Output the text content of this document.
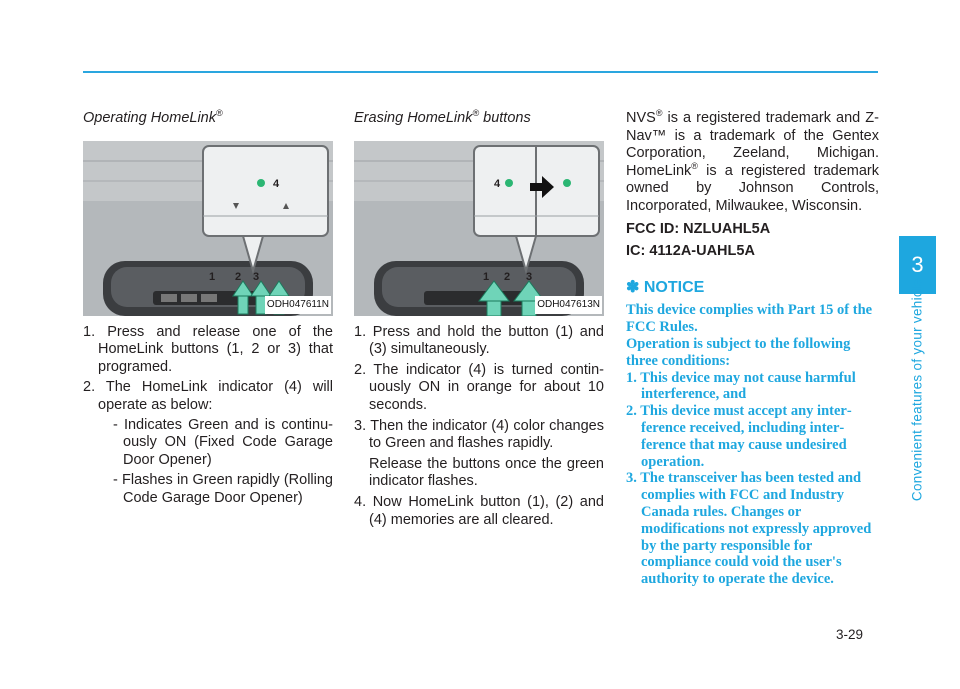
3
Convenient features of your vehicle
Operating HomeLink®
4
1 2 3
ODH047611N
1. Press and release one of the HomeLink buttons (1, 2 or 3) that programed.
2. The HomeLink indicator (4) will operate as below:
- Indicates Green and is continuously ON (Fixed Code Garage Door Opener)
- Flashes in Green rapidly (Rolling Code Garage Door Opener)
Erasing HomeLink® buttons
4
1 2 3
ODH047613N
1. Press and hold the button (1) and (3) simultaneously.
2. The indicator (4) is turned continuously ON in orange for about 10 seconds.
3. Then the indicator (4) color changes to Green and flashes rapidly.
Release the buttons once the green indicator flashes.
4. Now HomeLink button (1), (2) and (4) memories are all cleared.

NVS® is a registered trademark and Z-Nav™ is a trademark of the Gentex Corporation, Zeeland, Michigan. HomeLink® is a registered trademark owned by Johnson Controls, Incorporated, Milwaukee, Wisconsin.

FCC ID: NZLUAHL5A

IC: 4112A-UAHL5A

✽ NOTICE

This device complies with Part 15 of the FCC Rules.

Operation is subject to the following three conditions:

1. This device may not cause harmful interference, and
2. This device must accept any interference received, including interference that may cause undesired operation.
3. The transceiver has been tested and complies with FCC and Industry Canada rules. Changes or modifications not expressly approved by the party responsible for compliance could void the user's authority to operate the device.
3-29
